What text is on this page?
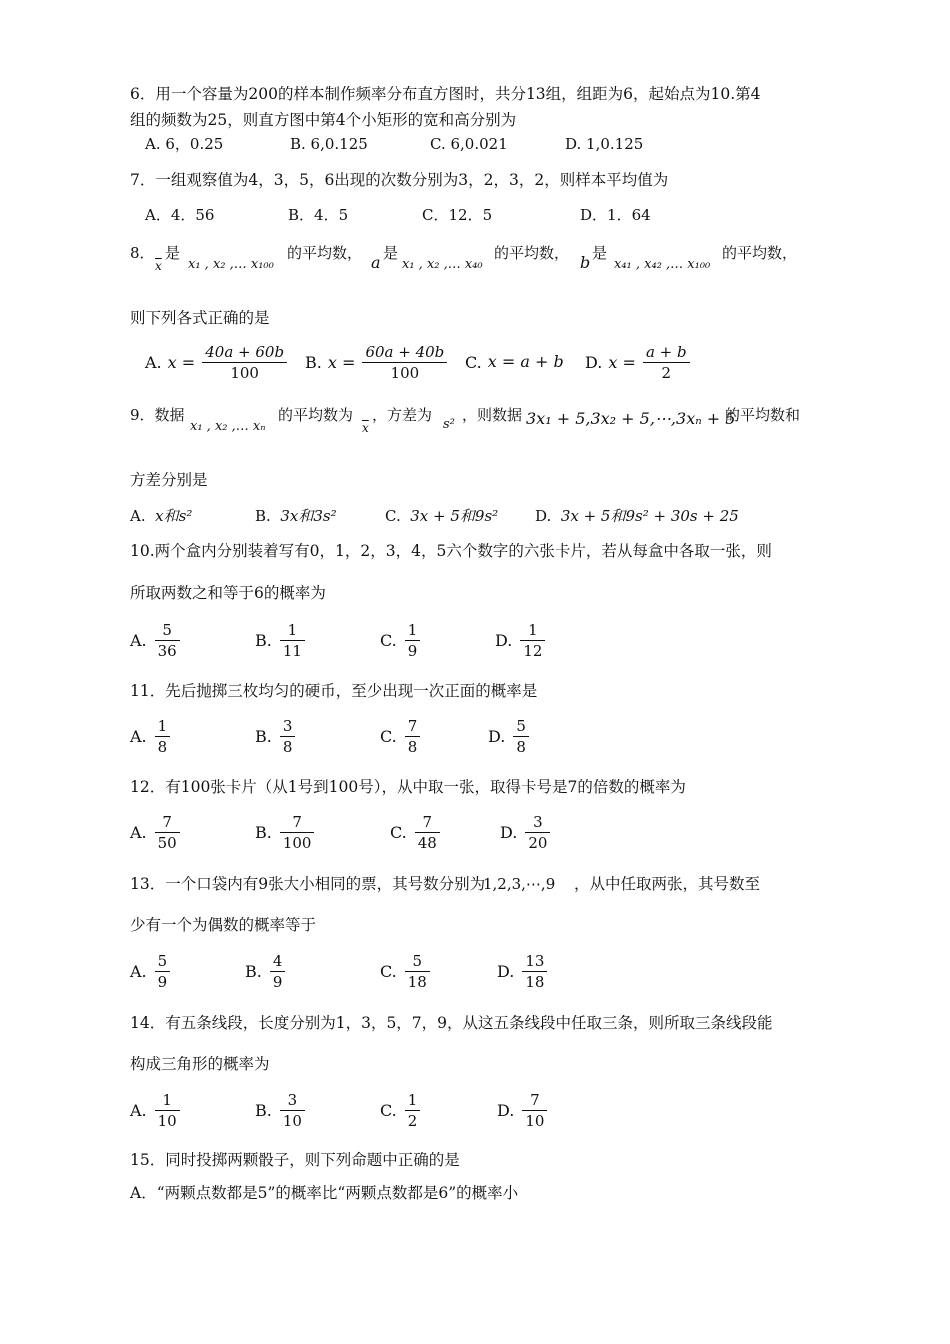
6．用一个容量为200的样本制作频率分布直方图时，共分13组，组距为6，起始点为10.第4
组的频数为25，则直方图中第4个小矩形的宽和高分别为
A. 6，0.25	B. 6,0.125	C. 6,0.021	D. 1,0.125
7．一组观察值为4，3，5，6出现的次数分别为3，2，3，2，则样本平均值为
A．4．56	B．4．5	C．12．5	D．1．64
8．
$\overline{x}$
是
x₁ , x₂ ,… x₁₀₀
的平均数， a 是
x₁ , x₂ ,… x₄₀
的平均数， b 是
x₄₁ , x₄₂ ,… x₁₀₀
的平均数，
则下列各式正确的是
A. $x = \frac{40a + 60b}{100} B$. $x = \frac{60a + 40b}{100} C$. x = a + b D. $x = \frac{a + b}{2}$
9．数据
x₁ , x₂ ,… xₙ
的平均数为
$\overline{x}$
，方差为
s²
，则数据 3x₁ + 5,3x₂ + 5,⋯,3xₙ + 5
的平均数和
方差分别是
A. x和s²	B. 3x和3s²	C. 3x + 5和9s² D. 3x + 5和9s² + 30s + 25
10.两个盒内分别装着写有0，1，2，3，4，5六个数字的六张卡片，若从每盒中各取一张，则
所取两数之和等于6的概率为
A. $\frac{5}{36}$	B. $\frac{1}{11}$	C. $\frac{1}{9}$	D. $\frac{1}{12}$
11．先后抛掷三枚均匀的硬币，至少出现一次正面的概率是
A. $\frac{1}{8}$	B. $\frac{3}{8}$	C. $\frac{7}{8}$	D. $\frac{5}{8}$
12．有100张卡片（从1号到100号），从中取一张，取得卡号是7的倍数的概率为
A. $\frac{7}{50}$	B. $\frac{7}{100}$	C. $\frac{7}{48}$	D. $\frac{3}{20}$
13．一个口袋内有9张大小相同的票，其号数分别为
1,2,3,⋯,9 ，从中任取两张，其号数至
少有一个为偶数的概率等于
A. $\frac{5}{9}$	B. $\frac{4}{9}$	C. $\frac{5}{18}$	D. $\frac{13}{18}$
14．有五条线段，长度分别为1，3，5，7，9，从这五条线段中任取三条，则所取三条线段能
构成三角形的概率为
A. $\frac{1}{10}$	B. $\frac{3}{10}$	C. $\frac{1}{2}$	D. $\frac{7}{10}$
15．同时投掷两颗骰子，则下列命题中正确的是
A．“两颗点数都是5”的概率比“两颗点数都是6”的概率小
